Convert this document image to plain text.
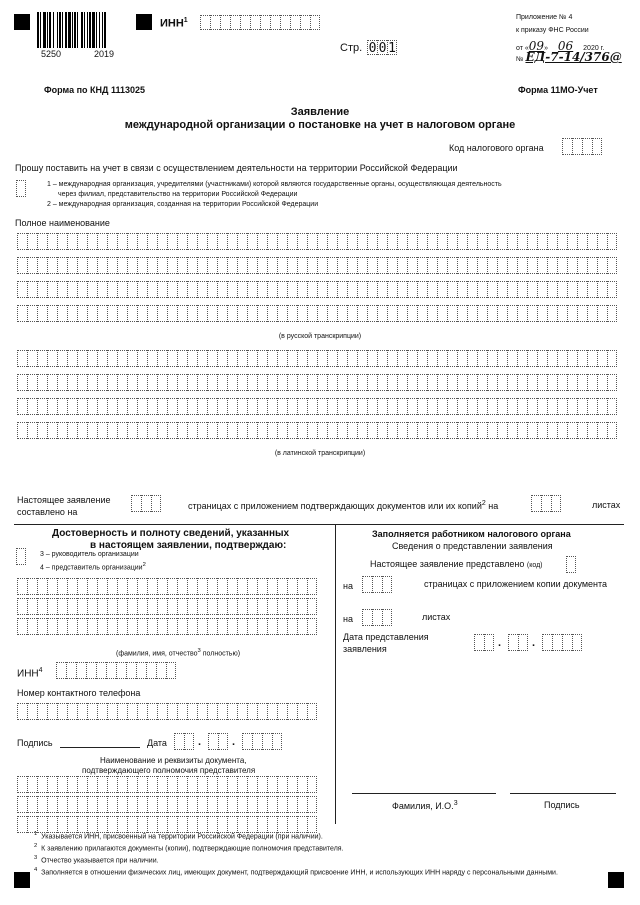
5250	2019
ИНН$^1$
Стр. 0 0 1
Приложение № 4
к приказу ФНС России
от «09» 06 2020 г.
№ ЕД-7-14/376@
Форма по КНД 1113025	Форма 11МО-Учет
Заявление
международной организации о постановке на учет в налоговом органе
Код налогового органа
Прошу поставить на учет в связи с осуществлением деятельности на территории Российской Федерации
1 – международная организация, учредителями (участниками) которой являются государственные органы, осуществляющая деятельность
через филиал, представительство на территории Российской Федерации
2 – международная организация, созданная на территории Российской Федерации
Полное наименование
(в русской транскрипции)
(в латинской транскрипции)
Настоящее заявление
составлено на
страницах с приложением подтверждающих документов или их копий$^2$ на	листах
Достоверность и полноту сведений, указанных
в настоящем заявлении, подтверждаю:
3 – руководитель организации
4 – представитель организации$^2$
(фамилия, имя, отчество$^3$ полностью)
ИНН$^4$
Номер контактного телефона
Подпись	Дата	.	.
Наименование и реквизиты документа,
подтверждающего полномочия представителя
Заполняется работником налогового органа
Сведения о представлении заявления
Настоящее заявление представлено (код)
на	страницах с приложением копии документа
на	листах
Дата представления
заявления	.	.
Фамилия, И.О.$^3$	Подпись
$^1$ Указывается ИНН, присвоенный на территории Российской Федерации (при наличии).
$^2$ К заявлению прилагаются документы (копии), подтверждающие полномочия представителя.
$^3$ Отчество указывается при наличии.
$^4$ Заполняется в отношении физических лиц, имеющих документ, подтверждающий присвоение ИНН, и использующих ИНН наряду с персональными данными.
